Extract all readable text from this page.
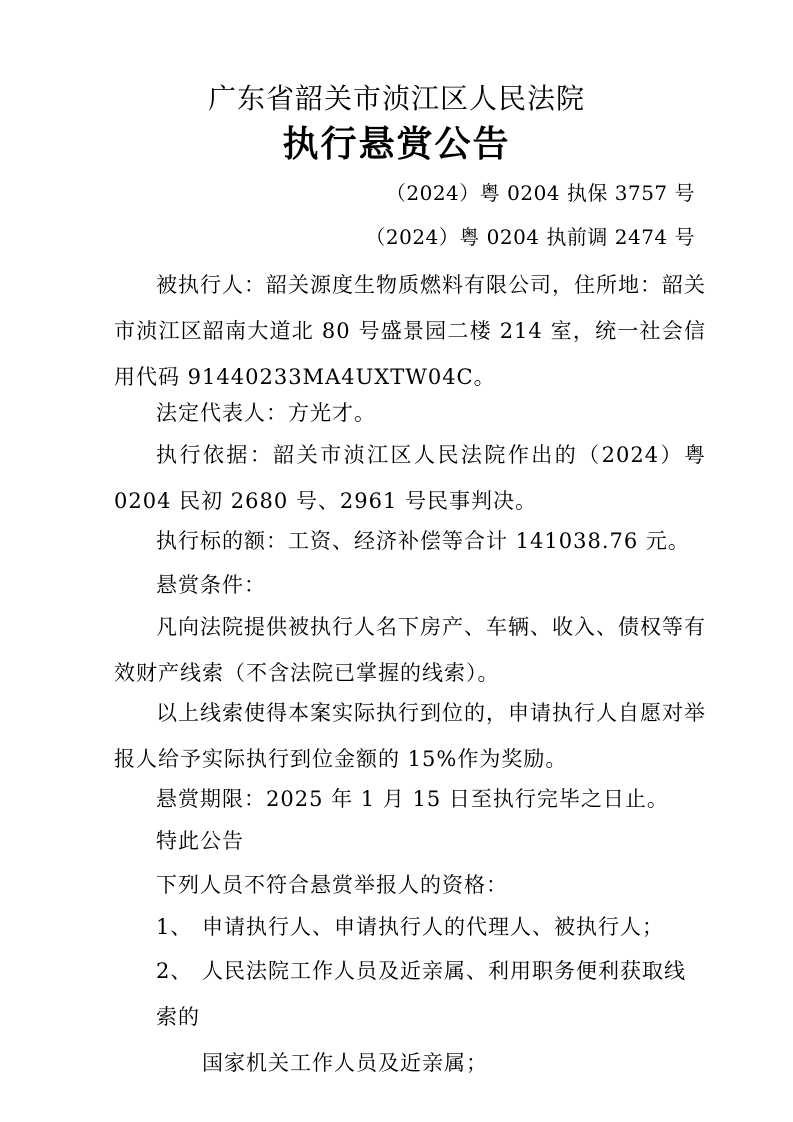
广东省韶关市浈江区人民法院
执行悬赏公告
（2024）粤 0204 执保 3757 号
（2024）粤 0204 执前调 2474 号
被执行人：韶关源度生物质燃料有限公司，住所地：韶关市浈江区韶南大道北 80 号盛景园二楼 214 室，统一社会信用代码 91440233MA4UXTW04C。
法定代表人：方光才。
执行依据：韶关市浈江区人民法院作出的（2024）粤 0204 民初 2680 号、2961 号民事判决。
执行标的额：工资、经济补偿等合计 141038.76 元。
悬赏条件：
凡向法院提供被执行人名下房产、车辆、收入、债权等有效财产线索（不含法院已掌握的线索）。
以上线索使得本案实际执行到位的，申请执行人自愿对举报人给予实际执行到位金额的 15%作为奖励。
悬赏期限：2025 年 1 月 15 日至执行完毕之日止。
特此公告
下列人员不符合悬赏举报人的资格：
1、 申请执行人、申请执行人的代理人、被执行人；
2、 人民法院工作人员及近亲属、利用职务便利获取线索的
国家机关工作人员及近亲属；
